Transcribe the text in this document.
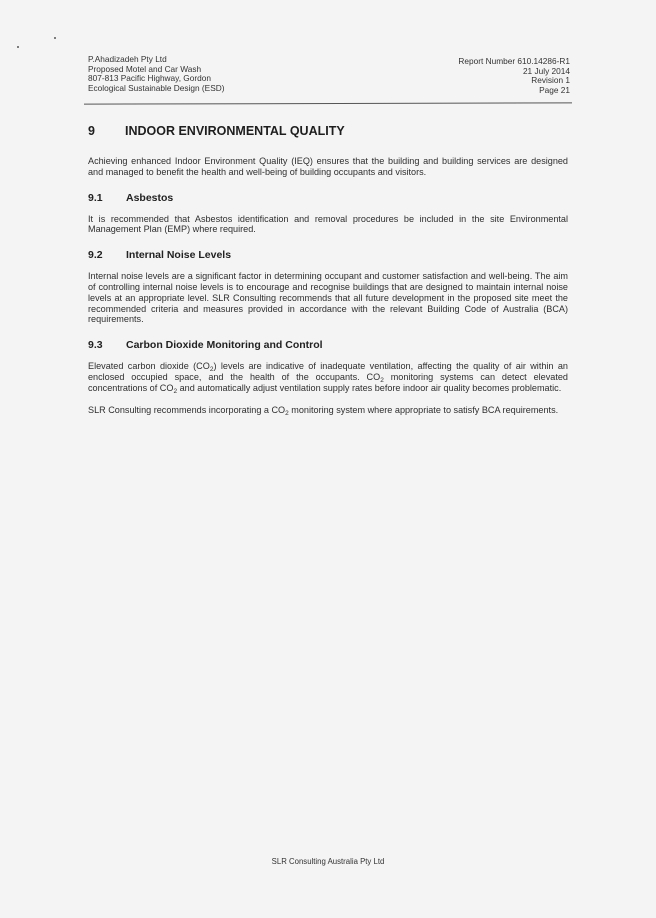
P.Ahadizadeh Pty Ltd
Proposed Motel and Car Wash
807-813 Pacific Highway, Gordon
Ecological Sustainable Design (ESD)
Report Number 610.14286-R1
21 July 2014
Revision 1
Page 21
9	INDOOR ENVIRONMENTAL QUALITY

Achieving enhanced Indoor Environment Quality (IEQ) ensures that the building and building services are designed and managed to benefit the health and well-being of building occupants and visitors.

9.1	Asbestos

It is recommended that Asbestos identification and removal procedures be included in the site Environmental Management Plan (EMP) where required.

9.2	Internal Noise Levels

Internal noise levels are a significant factor in determining occupant and customer satisfaction and well-being. The aim of controlling internal noise levels is to encourage and recognise buildings that are designed to maintain internal noise levels at an appropriate level. SLR Consulting recommends that all future development in the proposed site meet the recommended criteria and measures provided in accordance with the relevant Building Code of Australia (BCA) requirements.

9.3	Carbon Dioxide Monitoring and Control

Elevated carbon dioxide $(CO_2)$ levels are indicative of inadequate ventilation, affecting the quality of air within an enclosed occupied space, and the health of the occupants. $CO_2$ monitoring systems can detect elevated concentrations of $CO_2$ and automatically adjust ventilation supply rates before indoor air quality becomes problematic.

SLR Consulting recommends incorporating a $CO_2$ monitoring system where appropriate to satisfy BCA requirements.

SLR Consulting Australia Pty Ltd
